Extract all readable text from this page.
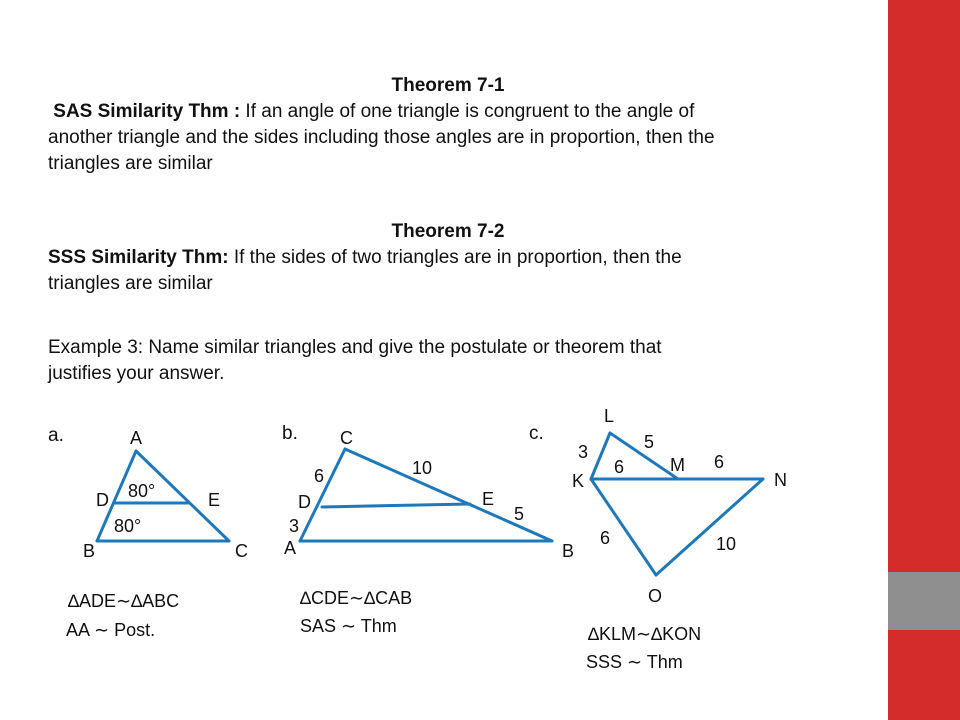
Theorem 7-1
SAS Similarity Thm : If an angle of one triangle is congruent to the angle of
another triangle and the sides including those angles are in proportion, then the
triangles are similar
Theorem 7-2
SSS Similarity Thm: If the sides of two triangles are in proportion, then the
triangles are similar
Example 3: Name similar triangles and give the postulate or theorem that
justifies your answer.
a.	A
D	E
B	C
80°
80°
∆ADE∼∆ABC
AA ∼ Post.
b. C
6
D
3
A
10
E
5
B
∆CDE∼∆CAB
SAS ∼ Thm
c.
L
5
3
6	M 6
K	N
6	10
O
∆KLM∼∆KON
SSS ∼ Thm
